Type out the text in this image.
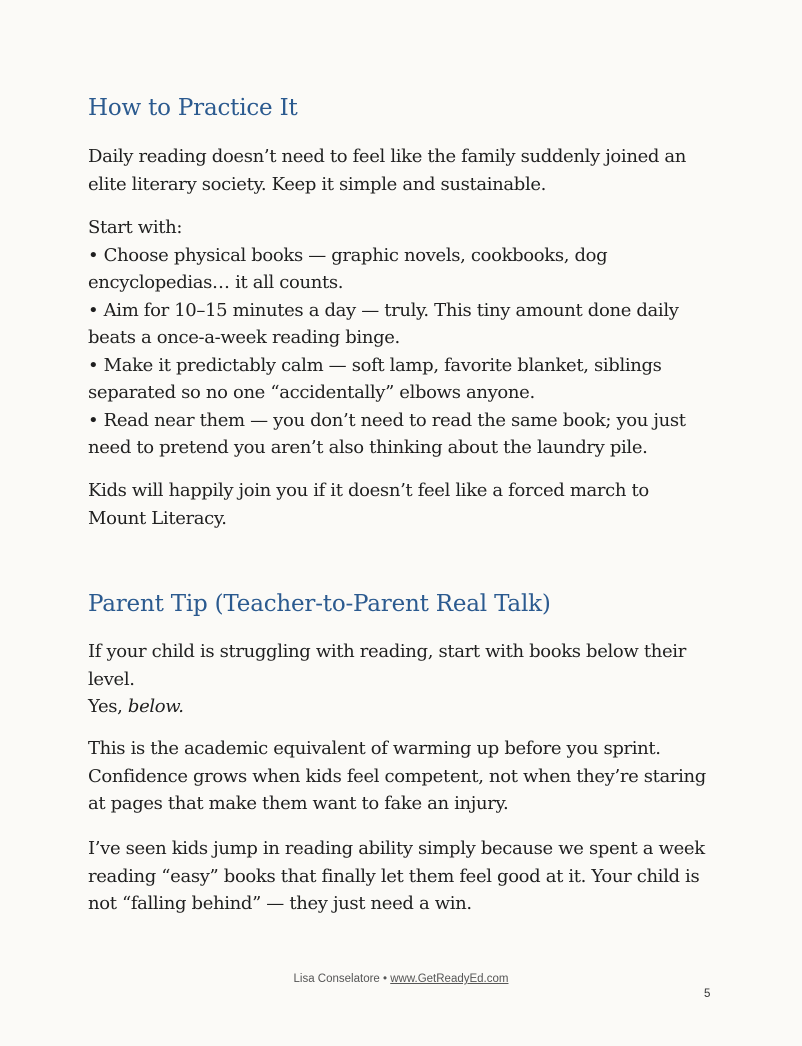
How to Practice It

Daily reading doesn’t need to feel like the family suddenly joined an elite literary society. Keep it simple and sustainable.

Start with:
• Choose physical books — graphic novels, cookbooks, dog encyclopedias… it all counts.
• Aim for 10–15 minutes a day — truly. This tiny amount done daily beats a once-a-week reading binge.
• Make it predictably calm — soft lamp, favorite blanket, siblings separated so no one “accidentally” elbows anyone.
• Read near them — you don’t need to read the same book; you just need to pretend you aren’t also thinking about the laundry pile.

Kids will happily join you if it doesn’t feel like a forced march to Mount Literacy.

Parent Tip (Teacher-to-Parent Real Talk)

If your child is struggling with reading, start with books below their level.
Yes, below.

This is the academic equivalent of warming up before you sprint. Confidence grows when kids feel competent, not when they’re staring at pages that make them want to fake an injury.

I’ve seen kids jump in reading ability simply because we spent a week reading “easy” books that finally let them feel good at it. Your child is not “falling behind” — they just need a win.

Lisa Conselatore • www.GetReadyEd.com
5
